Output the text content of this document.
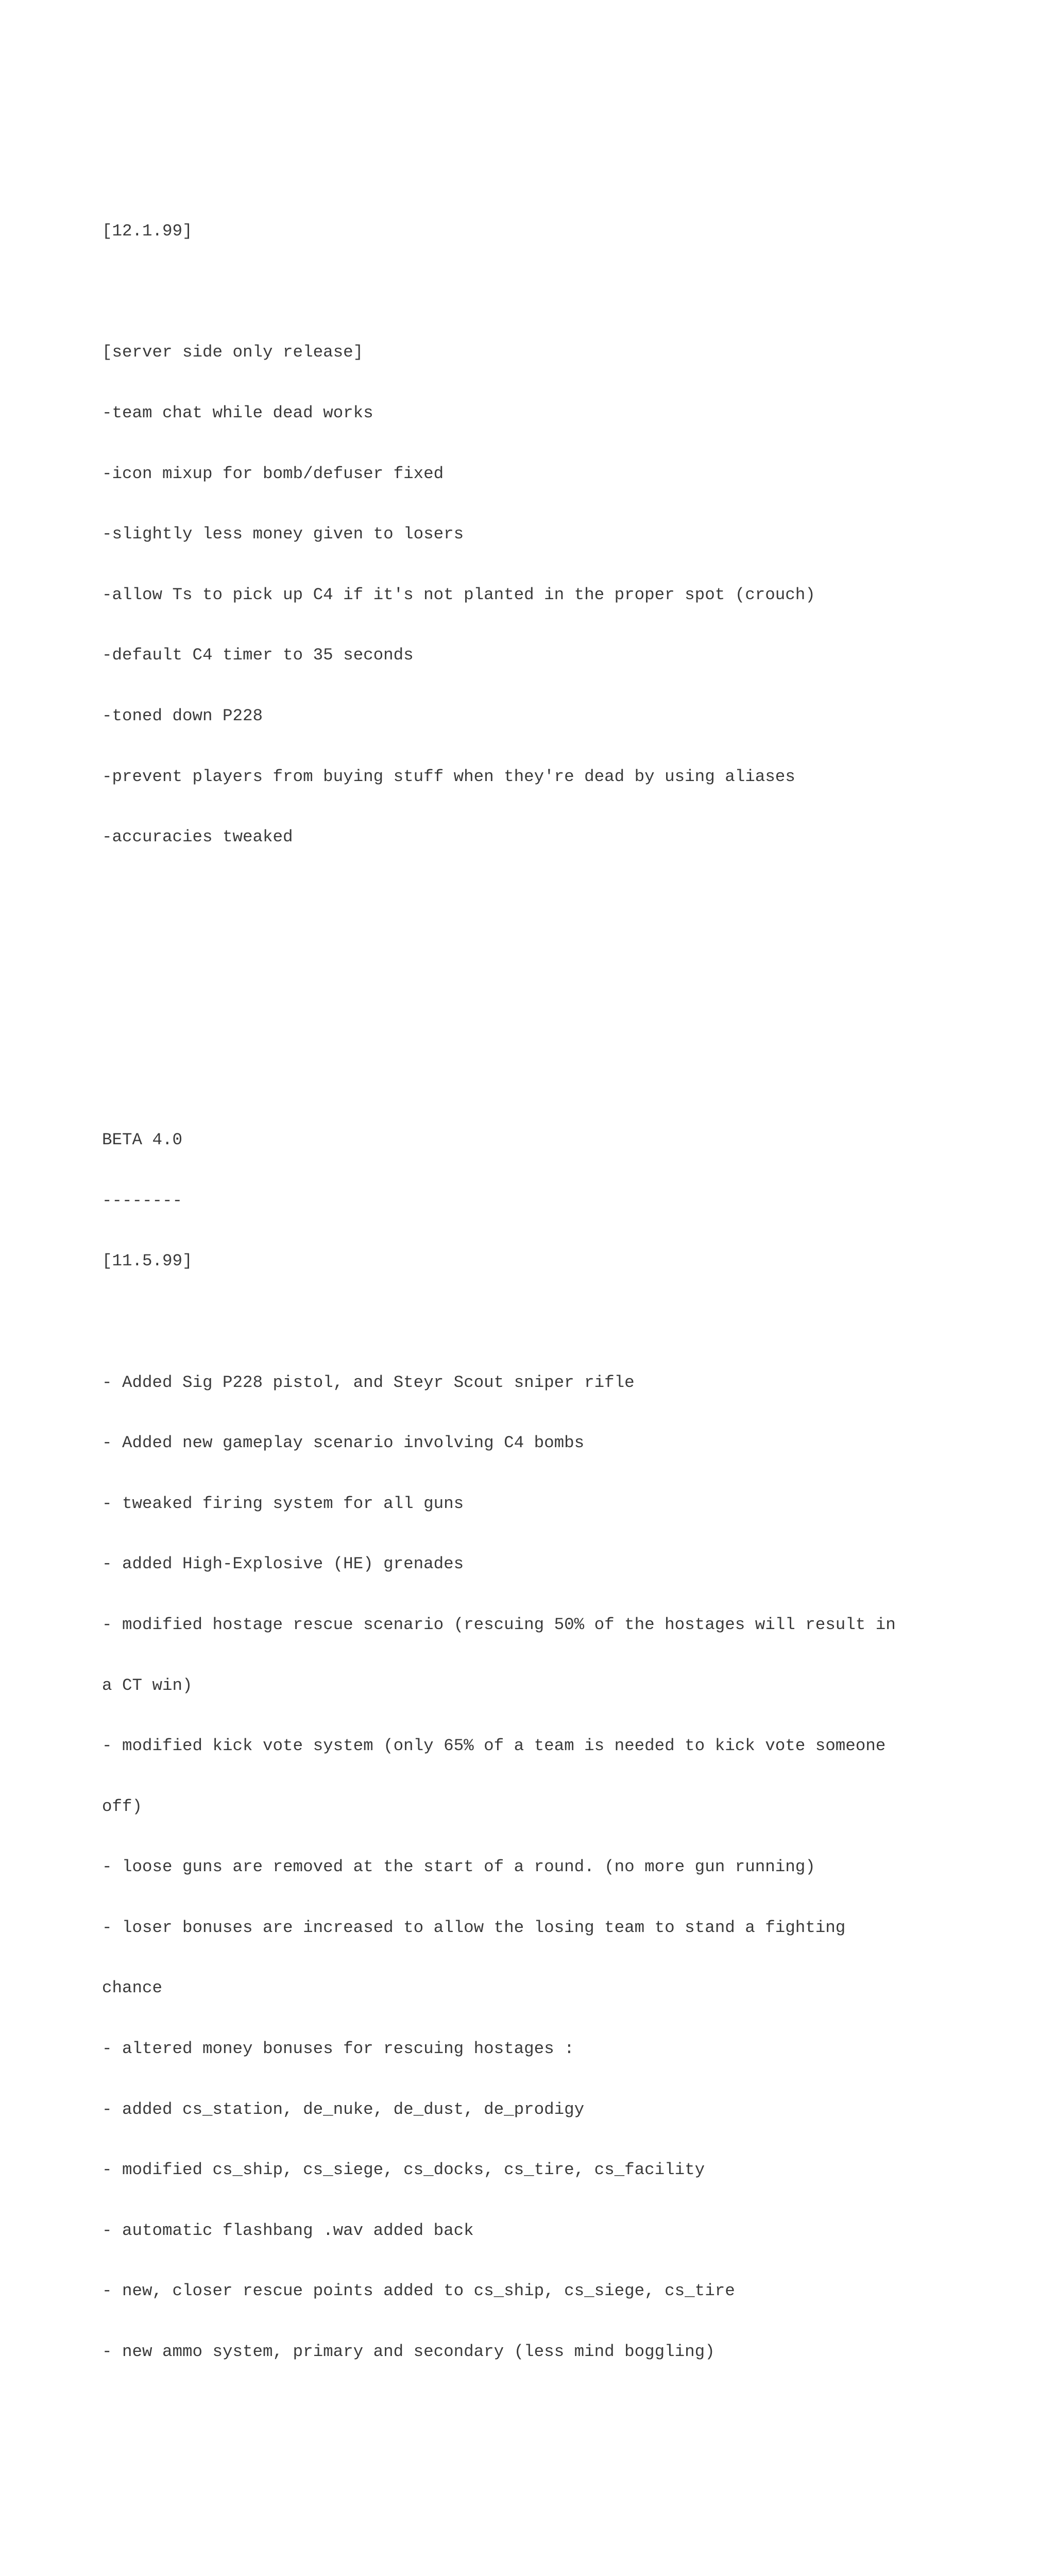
[12.1.99]

[server side only release]

-team chat while dead works

-icon mixup for bomb/defuser fixed

-slightly less money given to losers

-allow Ts to pick up C4 if it's not planted in the proper spot (crouch)

-default C4 timer to 35 seconds

-toned down P228

-prevent players from buying stuff when they're dead by using aliases

-accuracies tweaked

BETA 4.0

--------

[11.5.99]

- Added Sig P228 pistol, and Steyr Scout sniper rifle

- Added new gameplay scenario involving C4 bombs

- tweaked firing system for all guns

- added High-Explosive (HE) grenades

- modified hostage rescue scenario (rescuing 50% of the hostages will result in

a CT win)

- modified kick vote system (only 65% of a team is needed to kick vote someone

off)

- loose guns are removed at the start of a round. (no more gun running)

- loser bonuses are increased to allow the losing team to stand a fighting

chance

- altered money bonuses for rescuing hostages :

- added cs_station, de_nuke, de_dust, de_prodigy

- modified cs_ship, cs_siege, cs_docks, cs_tire, cs_facility

- automatic flashbang .wav added back

- new, closer rescue points added to cs_ship, cs_siege, cs_tire

- new ammo system, primary and secondary (less mind boggling)
